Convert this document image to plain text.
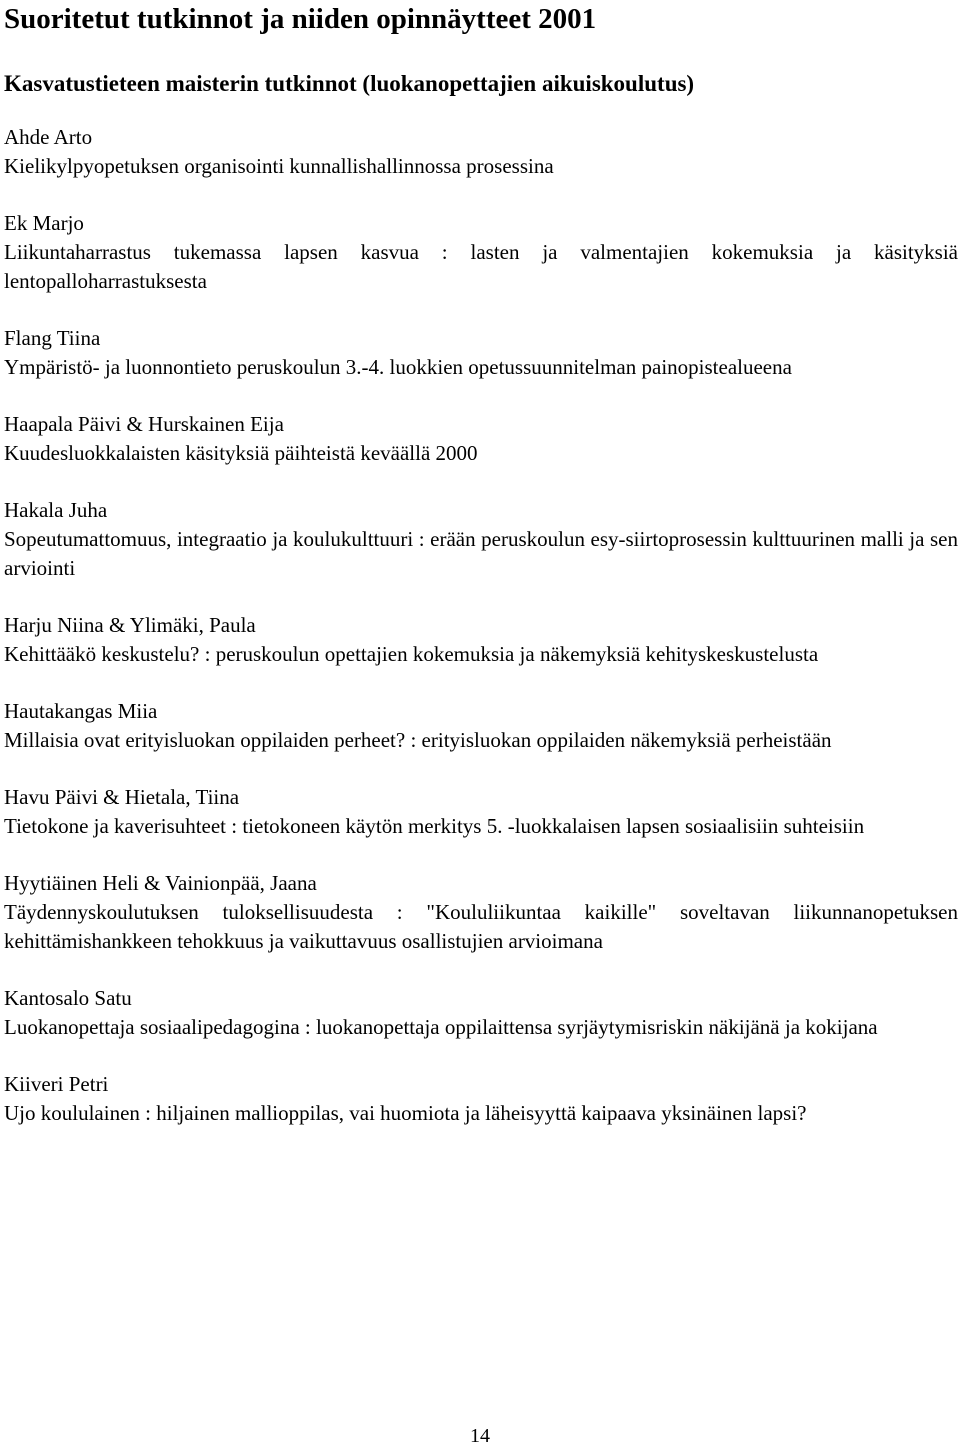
Suoritetut tutkinnot ja niiden opinnäytteet 2001
Kasvatustieteen maisterin tutkinnot (luokanopettajien aikuiskoulutus)
Ahde Arto
Kielikylpyopetuksen organisointi kunnallishallinnossa prosessina
Ek Marjo
Liikuntaharrastus tukemassa lapsen kasvua : lasten ja valmentajien kokemuksia ja käsityksiä lentopalloharrastuksesta
Flang Tiina
Ympäristö- ja luonnontieto peruskoulun 3.-4. luokkien opetussuunnitelman painopistealueena
Haapala Päivi & Hurskainen Eija
Kuudesluokkalaisten käsityksiä päihteistä keväällä 2000
Hakala Juha
Sopeutumattomuus, integraatio ja koulukulttuuri : erään peruskoulun esy-siirtoprosessin kulttuurinen malli ja sen arviointi
Harju Niina & Ylimäki, Paula
Kehittääkö keskustelu? : peruskoulun opettajien kokemuksia ja näkemyksiä kehityskeskustelusta
Hautakangas Miia
Millaisia ovat erityisluokan oppilaiden perheet? : erityisluokan oppilaiden näkemyksiä perheistään
Havu Päivi & Hietala, Tiina
Tietokone ja kaverisuhteet : tietokoneen käytön merkitys 5. -luokkalaisen lapsen sosiaalisiin suhteisiin
Hyytiäinen Heli & Vainionpää, Jaana
Täydennyskoulutuksen tuloksellisuudesta : "Koululiikuntaa kaikille" soveltavan liikunnanopetuksen kehittämishankkeen tehokkuus ja vaikuttavuus osallistujien arvioimana
Kantosalo Satu
Luokanopettaja sosiaalipedagogina : luokanopettaja oppilaittensa syrjäytymisriskin näkijänä ja kokijana
Kiiveri Petri
Ujo koululainen : hiljainen mallioppilas, vai huomiota ja läheisyyttä kaipaava yksinäinen lapsi?
14
